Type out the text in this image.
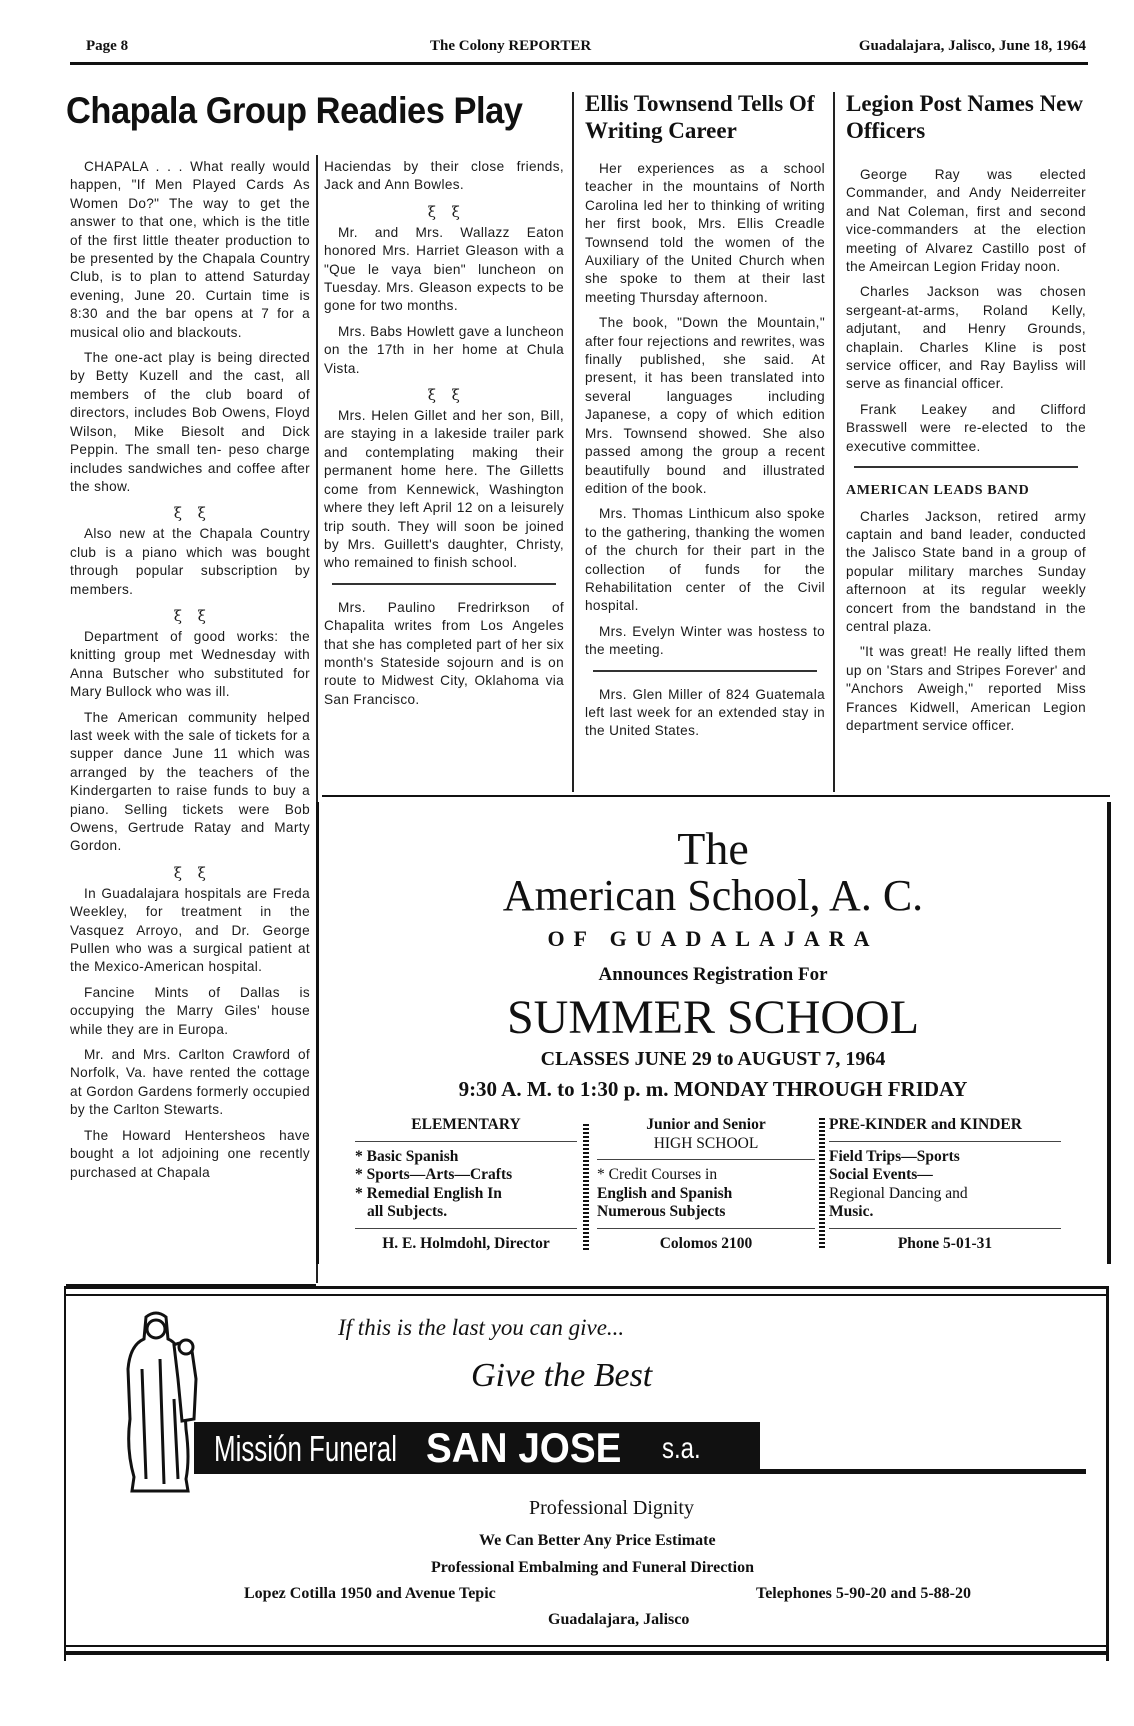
Page 8	The Colony REPORTER	Guadalajara, Jalisco, June 18, 1964
Chapala Group Readies Play	Ellis Townsend Tells Of Writing Career
Legion Post Names New Officers

CHAPALA . . . What really would happen, "If Men Played Cards As Women Do?" The way to get the answer to that one, which is the title of the first little theater production to be presented by the Chapala Country Club, is to plan to attend Saturday evening, June 20. Curtain time is 8:30 and the bar opens at 7 for a musical olio and blackouts.

The one-act play is being directed by Betty Kuzell and the cast, all members of the club board of directors, includes Bob Owens, Floyd Wilson, Mike Biesolt and Dick Peppin. The small ten- peso charge includes sandwiches and coffee after the show.

ξ ξ

Also new at the Chapala Country club is a piano which was bought through popular subscription by members.

ξ ξ

Department of good works: the knitting group met Wednesday with Anna Butscher who substituted for Mary Bullock who was ill.

The American community helped last week with the sale of tickets for a supper dance June 11 which was arranged by the teachers of the Kindergarten to raise funds to buy a piano. Selling tickets were Bob Owens, Gertrude Ratay and Marty Gordon.

ξ ξ

In Guadalajara hospitals are Freda Weekley, for treatment in the Vasquez Arroyo, and Dr. George Pullen who was a surgical patient at the Mexico-American hospital.

Fancine Mints of Dallas is occupying the Marry Giles' house while they are in Europa.

Mr. and Mrs. Carlton Crawford of Norfolk, Va. have rented the cottage at Gordon Gardens formerly occupied by the Carlton Stewarts.

The Howard Hentersheos have bought a lot adjoining one recently purchased at Chapala

Haciendas by their close friends, Jack and Ann Bowles.

ξ ξ

Mr. and Mrs. Wallazz Eaton honored Mrs. Harriet Gleason with a "Que le vaya bien" luncheon on Tuesday. Mrs. Gleason expects to be gone for two months.

Mrs. Babs Howlett gave a luncheon on the 17th in her home at Chula Vista.

ξ ξ

Mrs. Helen Gillet and her son, Bill, are staying in a lakeside trailer park and contemplating making their permanent home here. The Gilletts come from Kennewick, Washington where they left April 12 on a leisurely trip south. They will soon be joined by Mrs. Guillett's daughter, Christy, who remained to finish school.

Mrs. Paulino Fredrirkson of Chapalita writes from Los Angeles that she has completed part of her six month's Stateside sojourn and is on route to Midwest City, Oklahoma via San Francisco.

Her experiences as a school teacher in the mountains of North Carolina led her to thinking of writing her first book, Mrs. Ellis Creadle Townsend told the women of the Auxiliary of the United Church when she spoke to them at their last meeting Thursday afternoon.

The book, "Down the Mountain," after four rejections and rewrites, was finally published, she said. At present, it has been translated into several languages including Japanese, a copy of which edition Mrs. Townsend showed. She also passed among the group a recent beautifully bound and illustrated edition of the book.

Mrs. Thomas Linthicum also spoke to the gathering, thanking the women of the church for their part in the collection of funds for the Rehabilitation center of the Civil hospital.

Mrs. Evelyn Winter was hostess to the meeting.

Mrs. Glen Miller of 824 Guatemala left last week for an extended stay in the United States.

George Ray was elected Commander, and Andy Neiderreiter and Nat Coleman, first and second vice-commanders at the election meeting of Alvarez Castillo post of the Ameircan Legion Friday noon.

Charles Jackson was chosen sergeant-at-arms, Roland Kelly, adjutant, and Henry Grounds, chaplain. Charles Kline is post service officer, and Ray Bayliss will serve as financial officer.

Frank Leakey and Clifford Brasswell were re-elected to the executive committee.

AMERICAN LEADS BAND

Charles Jackson, retired army captain and band leader, conducted the Jalisco State band in a group of popular military marches Sunday afternoon at its regular weekly concert from the bandstand in the central plaza.

"It was great! He really lifted them up on 'Stars and Stripes Forever' and "Anchors Aweigh," reported Miss Frances Kidwell, American Legion department service officer.

The
American School, A. C.
OF GUADALAJARA
Announces Registration For
SUMMER SCHOOL
CLASSES JUNE 29 to AUGUST 7, 1964
9:30 A. M. to 1:30 p. m. MONDAY THROUGH FRIDAY
ELEMENTARY
* Basic Spanish
* Sports—Arts—Crafts
* Remedial English In
all Subjects.
H. E. Holmdohl, Director
Junior and Senior
HIGH SCHOOL
* Credit Courses in
English and Spanish
Numerous Subjects
Colomos 2100
PRE-KINDER and KINDER
Field Trips—Sports
Social Events—
Regional Dancing and
Music.
Phone 5-01-31
If this is the last you can give...
Give the Best
Missión Funeral SAN JOSE s.a.
Professional Dignity
We Can Better Any Price Estimate
Professional Embalming and Funeral Direction
Lopez Cotilla 1950 and Avenue Tepic	Telephones 5-90-20 and 5-88-20
Guadalajara, Jalisco
